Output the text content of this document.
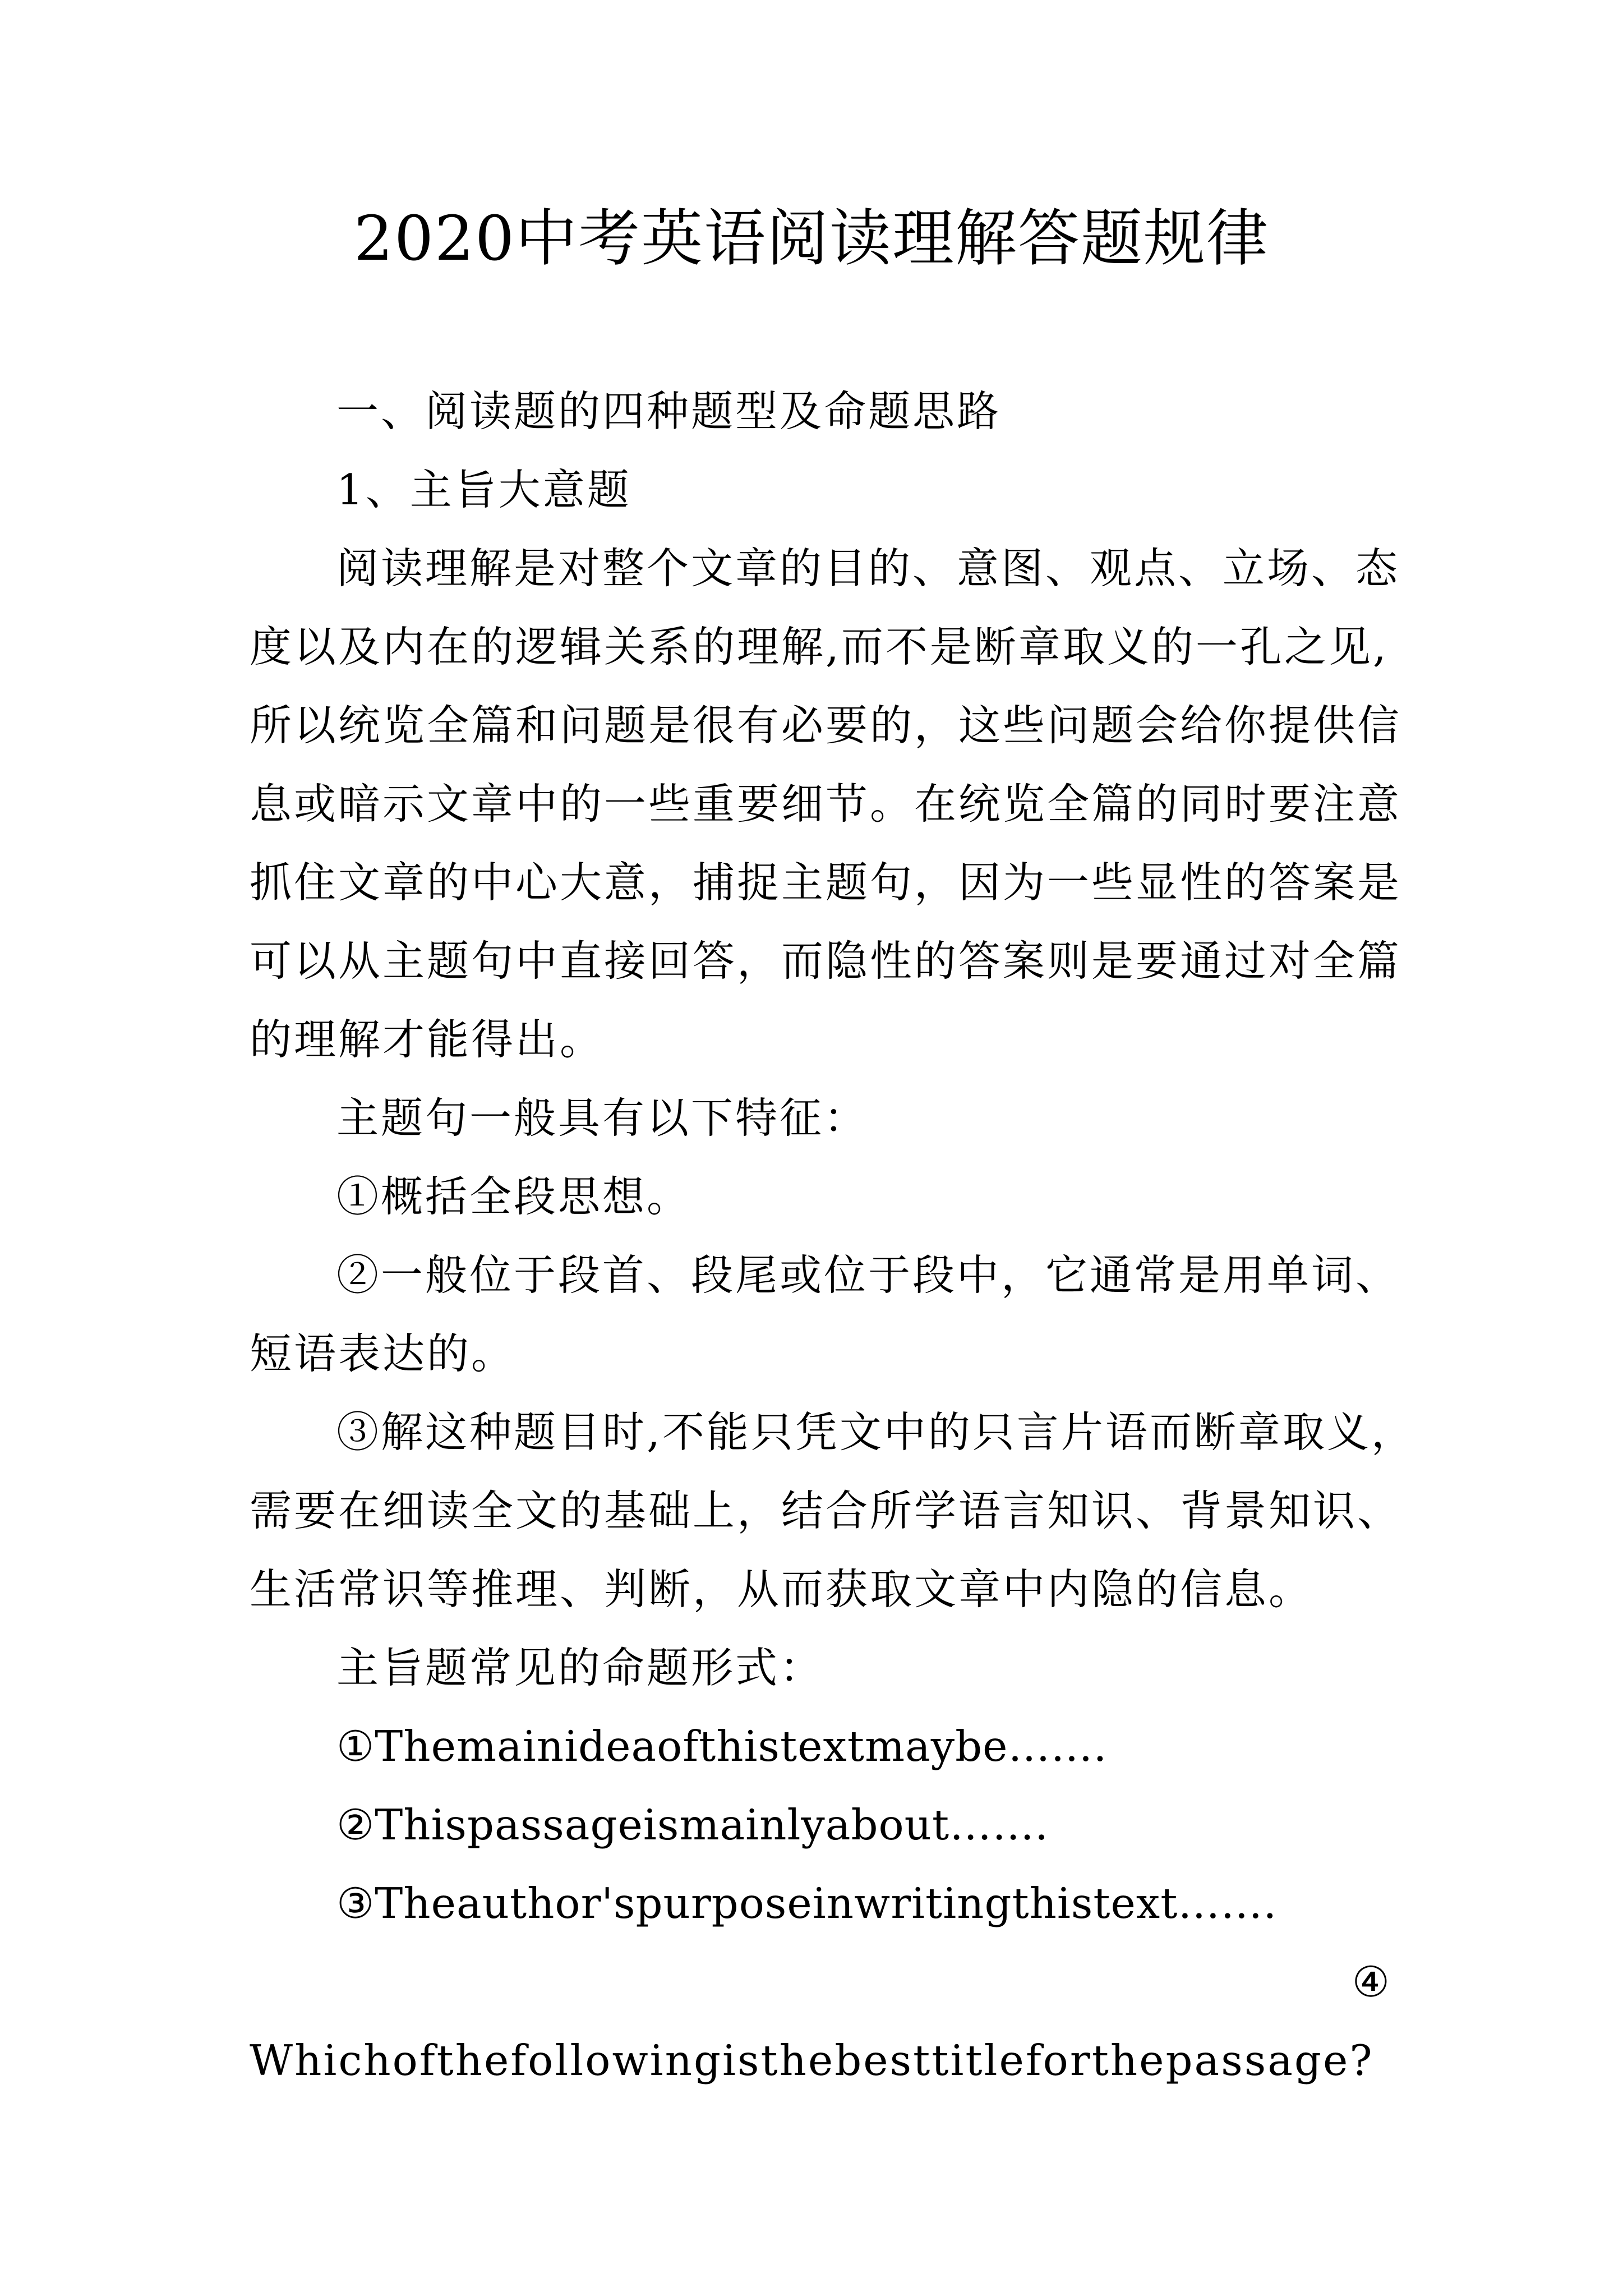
2020中考英语阅读理解答题规律
一、阅读题的四种题型及命题思路
1、主旨大意题
阅读理解是对整个文章的目的、意图、观点、立场、态
度以及内在的逻辑关系的理解,而不是断章取义的一孔之见,
所以统览全篇和问题是很有必要的，这些问题会给你提供信
息或暗示文章中的一些重要细节。在统览全篇的同时要注意
抓住文章的中心大意，捕捉主题句，因为一些显性的答案是
可以从主题句中直接回答，而隐性的答案则是要通过对全篇
的理解才能得出。
主题句一般具有以下特征：
①概括全段思想。
②一般位于段首、段尾或位于段中，它通常是用单词、
短语表达的。
③解这种题目时,不能只凭文中的只言片语而断章取义，
需要在细读全文的基础上，结合所学语言知识、背景知识、
生活常识等推理、判断，从而获取文章中内隐的信息。
主旨题常见的命题形式：
①Themainideaofthistextmaybe…….
②Thispassageismainlyabout…….
③Theauthor'spurposeinwritingthistext…….
④
Whichofthefollowingisthebesttitleforthepassage?
